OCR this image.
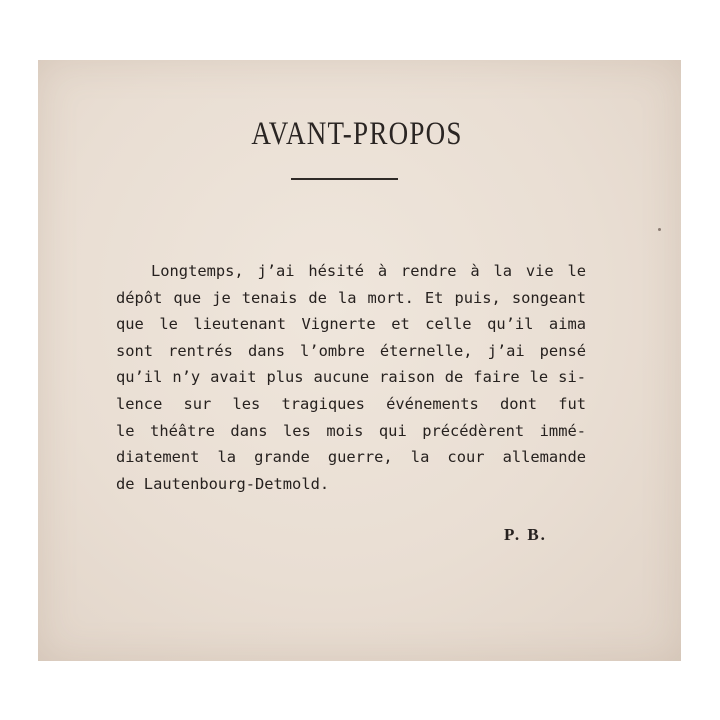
AVANT-PROPOS

Longtemps, j’ai hésité à rendre à la vie le
dépôt que je tenais de la mort. Et puis, songeant
que le lieutenant Vignerte et celle qu’il aima
sont rentrés dans l’ombre éternelle, j’ai pensé
qu’il n’y avait plus aucune raison de faire le si-
lence sur les tragiques événements dont fut
le théâtre dans les mois qui précédèrent immé-
diatement la grande guerre, la cour allemande
de Lautenbourg-Detmold.

P. B.
